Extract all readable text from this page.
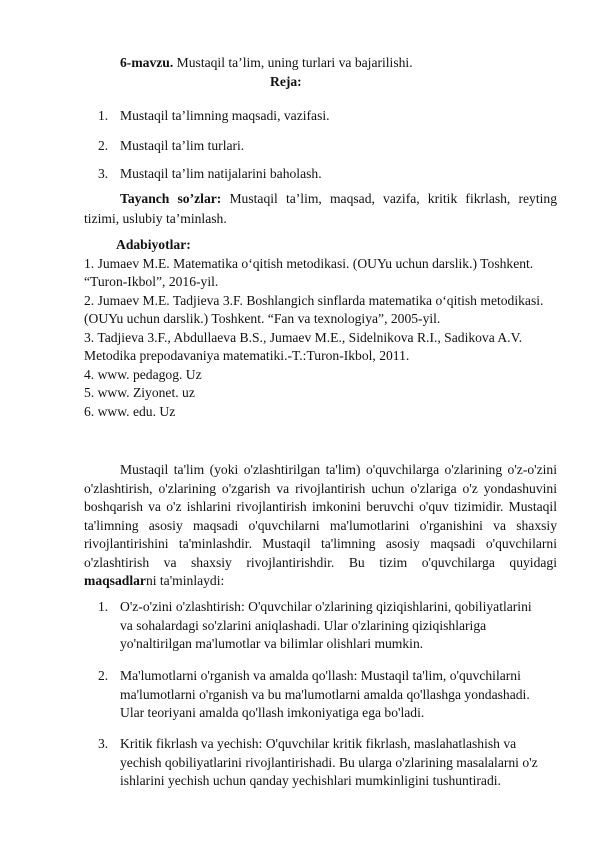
6-mavzu. Mustaqil ta’lim, uning turlari va bajarilishi.
Reja:
1. Mustaqil ta’limning maqsadi, vazifasi.
2. Mustaqil ta’lim turlari.
3. Mustaqil ta’lim natijalarini baholash.
Tayanch so’zlar: Mustaqil ta’lim, maqsad, vazifa, kritik fikrlash, reyting
tizimi, uslubiy ta’minlash.
Adabiyotlar:
1. Jumaev M.E. Matematika o‘qitish metodikasi. (OUYu uchun darslik.) Toshkent.
“Turon-Ikbol”, 2016-yil.
2. Jumaev M.E. Tadjieva 3.F. Boshlangich sinflarda matematika o‘qitish metodikasi.
(OUYu uchun darslik.) Toshkent. “Fan va texnologiya”, 2005-yil.
3. Tadjieva 3.F., Abdullaeva B.S., Jumaev M.E., Sidelnikova R.I., Sadikova A.V.
Metodika prepodavaniya matematiki.-T.:Turon-Ikbol, 2011.
4. www. pedagog. Uz
5. www. Ziyonet. uz
6. www. edu. Uz
Mustaqil ta'lim (yoki o'zlashtirilgan ta'lim) o'quvchilarga o'zlarining o'z-o'zini
o'zlashtirish, o'zlarining o'zgarish va rivojlantirish uchun o'zlariga o'z yondashuvini
boshqarish va o'z ishlarini rivojlantirish imkonini beruvchi o'quv tizimidir. Mustaqil
ta'limning asosiy maqsadi o'quvchilarni ma'lumotlarini o'rganishini va shaxsiy
rivojlantirishini ta'minlashdir. Mustaqil ta'limning asosiy maqsadi o'quvchilarni
o'zlashtirish va shaxsiy rivojlantirishdir. Bu tizim o'quvchilarga quyidagi
maqsadlarni ta'minlaydi:
1. O'z-o'zini o'zlashtirish: O'quvchilar o'zlarining qiziqishlarini, qobiliyatlarini
va sohalardagi so'zlarini aniqlashadi. Ular o'zlarining qiziqishlariga
yo'naltirilgan ma'lumotlar va bilimlar olishlari mumkin.
2. Ma'lumotlarni o'rganish va amalda qo'llash: Mustaqil ta'lim, o'quvchilarni
ma'lumotlarni o'rganish va bu ma'lumotlarni amalda qo'llashga yondashadi.
Ular teoriyani amalda qo'llash imkoniyatiga ega bo'ladi.
3. Kritik fikrlash va yechish: O'quvchilar kritik fikrlash, maslahatlashish va
yechish qobiliyatlarini rivojlantirishadi. Bu ularga o'zlarining masalalarni o'z
ishlarini yechish uchun qanday yechishlari mumkinligini tushuntiradi.
